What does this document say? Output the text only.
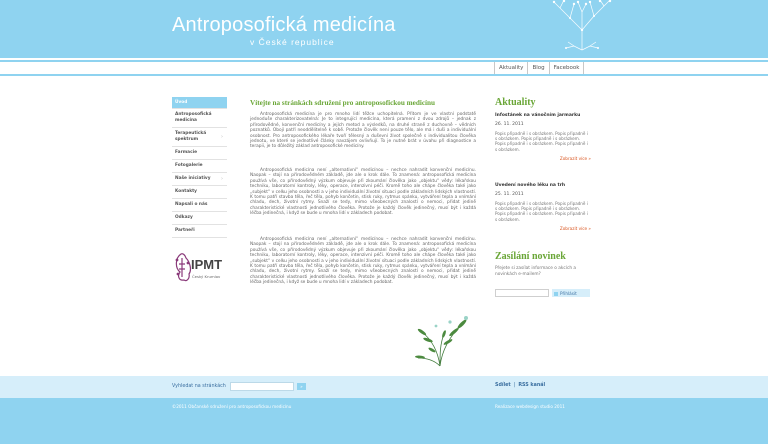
Antroposofická medicína
v České republice
Aktuality	Blog	Facebook
Úvod
Antroposofická medicína
Terapeutická spektrum	›
Farmacie
Fotogalerie
Naše iniciativy ›
Kontakty
Napsali o nás
Odkazy
Partneři
IPMT
Český Krumlov
Vítejte na stránkách sdružení pro antroposofickou medicínu

Antroposofická medicína je pro mnoho lidí těžce uchopitelná. Přitom je ve vlastní podstatě jednoduše charakterizovatelná: Je to integrující medicína, která pramení z dvou zdrojů – jednak z přírodovědné, konvenční medicíny a jejích metod a výsledků, na druhé straně z duchovně – vědních poznatků. Obojí patří neoddělitelně k sobě. Protože člověk není pouze tělo, ale má i duši a individuální osobnost. Pro antroposofického lékaře tvoří tělesný a duševní život společně s individualitou člověka jednotu, ve které se jednotlivé články navzájem ovlivňují. To je nutné brát v úvahu při diagnostice a terapii, je to důležitý základ antroposofické medicíny.

Antroposofická medicína není „alternativní“ medicínou – nechce nahradit konvenční medicínu. Naopak – stojí na přírodovědném základě, jde ale o krok dále. To znamená: antroposofická medicína používá vše, co přírodovědný výzkum objevuje při zkoumání člověka jako „objektu“ vědy: lékařskou techniku, laboratorní kontroly, léky, operace, intenzivní péči. Kromě toho ale chápe člověka také jako „subjekt“ v celku jeho osobnosti a v jeho individuální životní situaci podle základních lidských vlastností. K tomu patří stavba těla, řeč těla, pohyb končetin, stisk ruky, rytmus spánku, vytváření tepla a vnímání chladu, dech, životní rytmy. Snaží se tedy, mimo všeobecných znalostí o nemoci, přidat jedině charakteristické vlastnosti jednotlivého člověka. Protože je každý člověk jedinečný, musí být i každá léčba jedinečná, i když se bude u mnoha lidí v základech podobat.

Antroposofická medicína není „alternativní“ medicínou – nechce nahradit konvenční medicínu. Naopak – stojí na přírodovědném základě, jde ale o krok dále. To znamená: antroposofická medicína používá vše, co přírodovědný výzkum objevuje při zkoumání člověka jako „objektu“ vědy: lékařskou techniku, laboratorní kontroly, léky, operace, intenzivní péči. Kromě toho ale chápe člověka také jako „subjekt“ v celku jeho osobnosti a v jeho individuální životní situaci podle základních lidských vlastností. K tomu patří stavba těla, řeč těla, pohyb končetin, stisk ruky, rytmus spánku, vytváření tepla a vnímání chladu, dech, životní rytmy. Snaží se tedy, mimo všeobecných znalostí o nemoci, přidat jedině charakteristické vlastnosti jednotlivého člověka. Protože je každý člověk jedinečný, musí být i každá léčba jedinečná, i když se bude u mnoha lidí v základech podobat.

Aktuality
Infostánek na vánočním jarmarku
26. 11. 2011
Popis připadně i s obrázkem. Popis připadně i s obrázkem. Popis připadně i s obrázkem. Popis připadně i s obrázkem. Popis připadně i s obrázkem.
Zobrazit více »
Uvedení nového léku na trh
25. 11. 2011
Popis připadně i s obrázkem. Popis připadně i s obrázkem. Popis připadně i s obrázkem. Popis připadně i s obrázkem. Popis připadně i s obrázkem.
Zobrazit více »
Zasílání novinek
Přejete si zasílat informace o akcích a novinkách e-mailem?
Přihlásit
Vyhledat na stránkách	»	Sdílet | RSS kanál
©2011 Občanské sdružení pro antroposofickou medicínu	Realizace webdesign studio 2011
